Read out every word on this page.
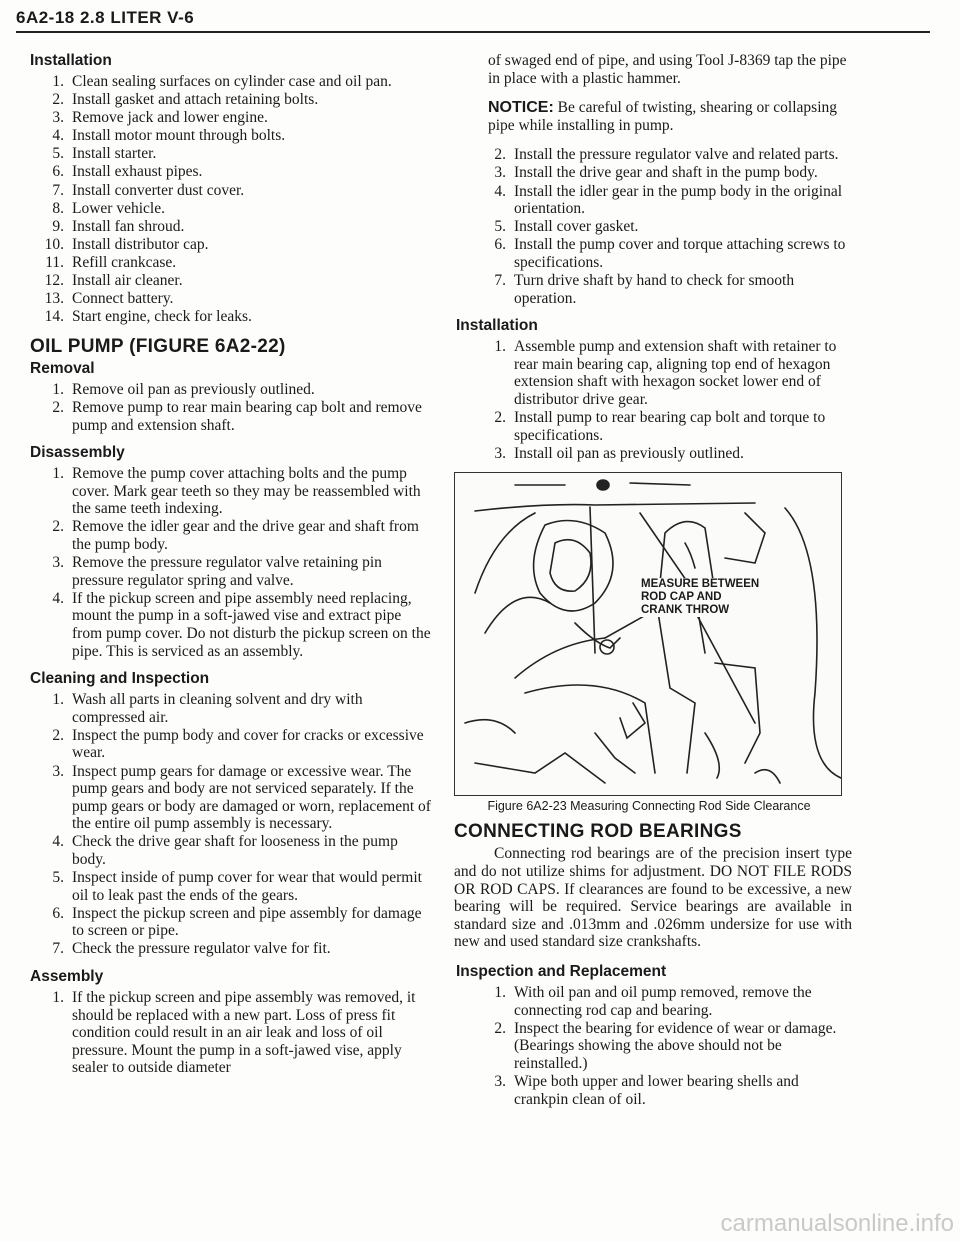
6A2-18 2.8 LITER V-6
Installation
1. Clean sealing surfaces on cylinder case and oil pan.
2. Install gasket and attach retaining bolts.
3. Remove jack and lower engine.
4. Install motor mount through bolts.
5. Install starter.
6. Install exhaust pipes.
7. Install converter dust cover.
8. Lower vehicle.
9. Install fan shroud.
10. Install distributor cap.
11. Refill crankcase.
12. Install air cleaner.
13. Connect battery.
14. Start engine, check for leaks.
OIL PUMP (FIGURE 6A2-22)
Removal
1. Remove oil pan as previously outlined.
2. Remove pump to rear main bearing cap bolt and remove pump and extension shaft.
Disassembly
1. Remove the pump cover attaching bolts and the pump cover. Mark gear teeth so they may be reassembled with the same teeth indexing.
2. Remove the idler gear and the drive gear and shaft from the pump body.
3. Remove the pressure regulator valve retaining pin pressure regulator spring and valve.
4. If the pickup screen and pipe assembly need replacing, mount the pump in a soft-jawed vise and extract pipe from pump cover. Do not disturb the pickup screen on the pipe. This is serviced as an assembly.
Cleaning and Inspection
1. Wash all parts in cleaning solvent and dry with compressed air.
2. Inspect the pump body and cover for cracks or excessive wear.
3. Inspect pump gears for damage or excessive wear. The pump gears and body are not serviced separately. If the pump gears or body are damaged or worn, replacement of the entire oil pump assembly is necessary.
4. Check the drive gear shaft for looseness in the pump body.
5. Inspect inside of pump cover for wear that would permit oil to leak past the ends of the gears.
6. Inspect the pickup screen and pipe assembly for damage to screen or pipe.
7. Check the pressure regulator valve for fit.
Assembly
1. If the pickup screen and pipe assembly was removed, it should be replaced with a new part. Loss of press fit condition could result in an air leak and loss of oil pressure. Mount the pump in a soft-jawed vise, apply sealer to outside diameter

of swaged end of pipe, and using Tool J-8369 tap the pipe in place with a plastic hammer.

NOTICE: Be careful of twisting, shearing or collapsing pipe while installing in pump.

2. Install the pressure regulator valve and related parts.
3. Install the drive gear and shaft in the pump body.
4. Install the idler gear in the pump body in the original orientation.
5. Install cover gasket.
6. Install the pump cover and torque attaching screws to specifications.
7. Turn drive shaft by hand to check for smooth operation.
Installation
1. Assemble pump and extension shaft with retainer to rear main bearing cap, aligning top end of hexagon extension shaft with hexagon socket lower end of distributor drive gear.
2. Install pump to rear bearing cap bolt and torque to specifications.
3. Install oil pan as previously outlined.
MEASURE BETWEEN
ROD CAP AND
CRANK THROW
Figure 6A2-23 Measuring Connecting Rod Side Clearance
CONNECTING ROD BEARINGS

Connecting rod bearings are of the precision insert type and do not utilize shims for adjustment. DO NOT FILE RODS OR ROD CAPS. If clearances are found to be excessive, a new bearing will be required. Service bearings are available in standard size and .013mm and .026mm undersize for use with new and used standard size crankshafts.

Inspection and Replacement
1. With oil pan and oil pump removed, remove the connecting rod cap and bearing.
2. Inspect the bearing for evidence of wear or damage. (Bearings showing the above should not be reinstalled.)
3. Wipe both upper and lower bearing shells and crankpin clean of oil.
carmanualsonline.info
